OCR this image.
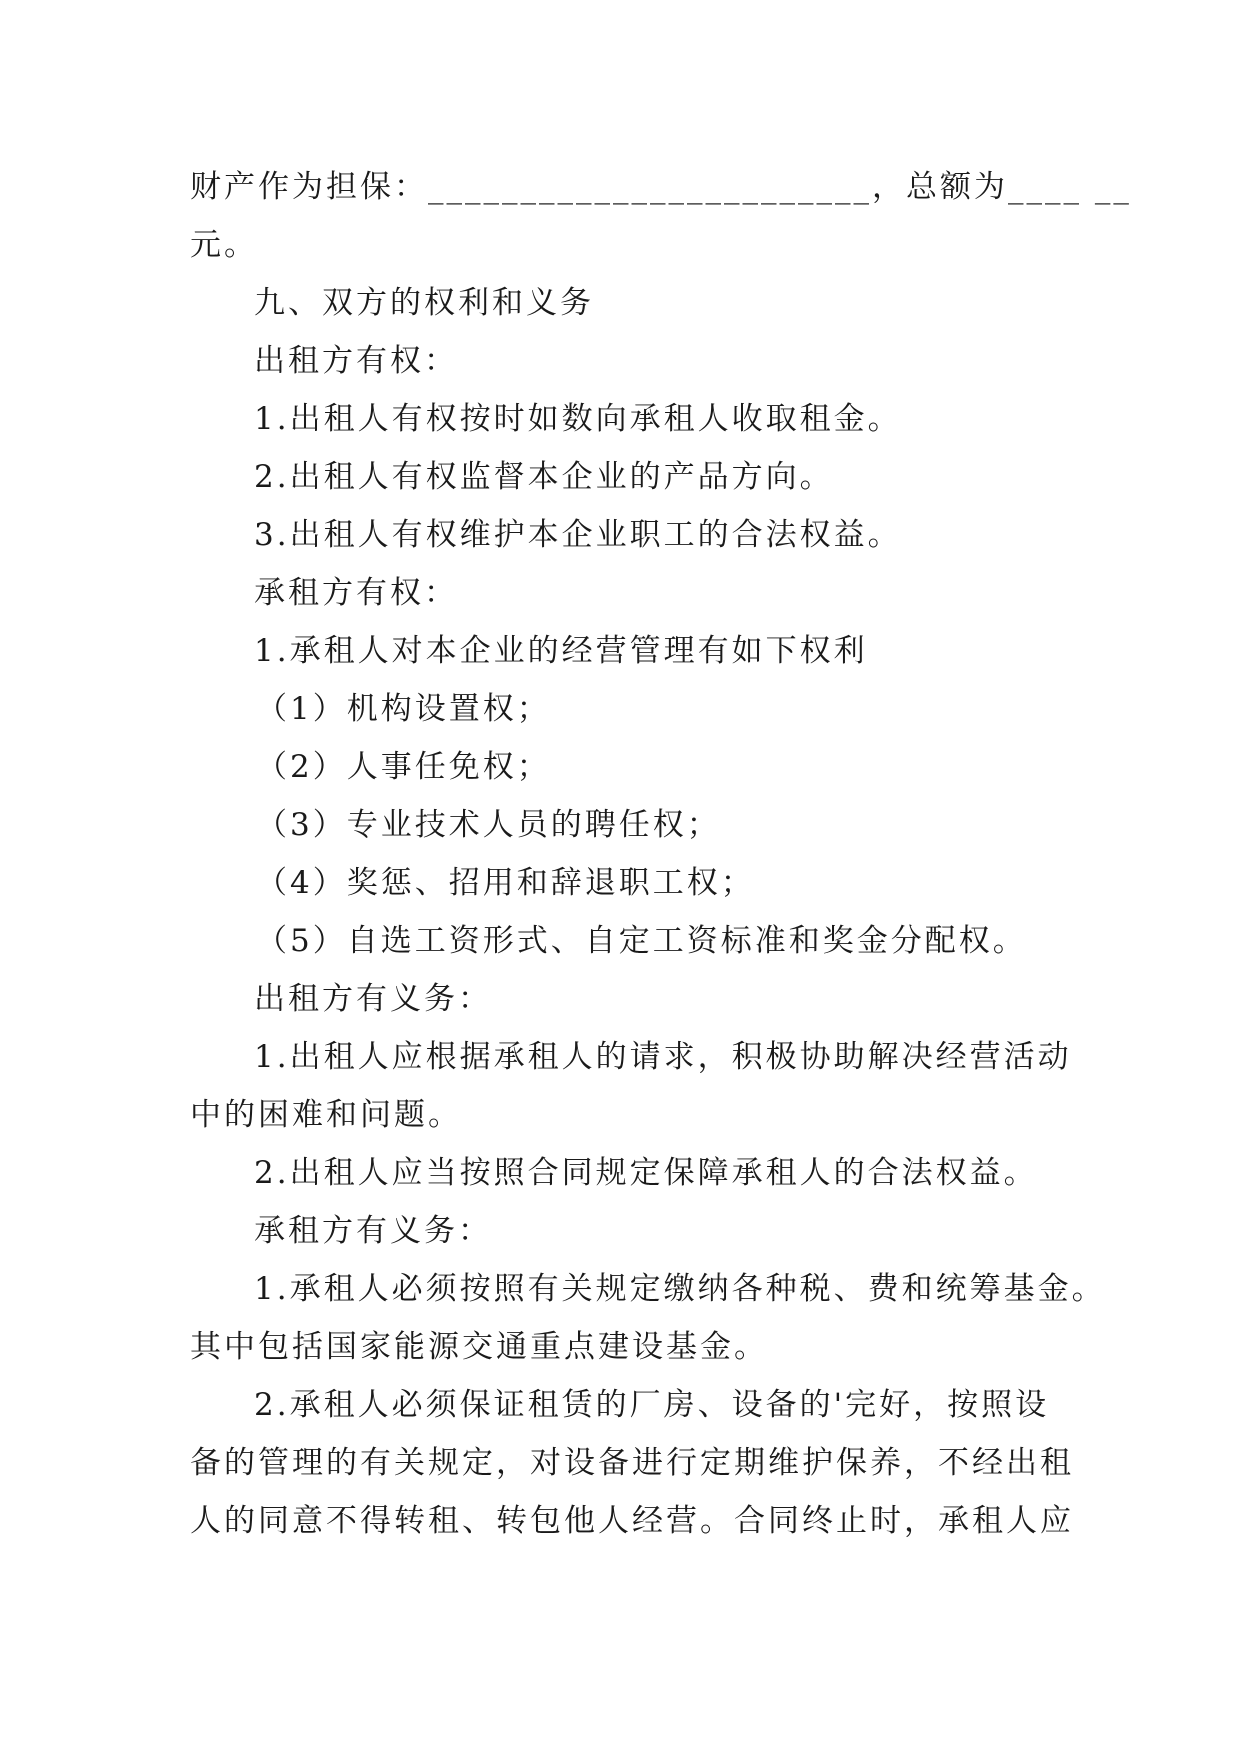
财产作为担保：________________________，总额为____ __
元。
九、双方的权利和义务
出租方有权：
1.出租人有权按时如数向承租人收取租金。
2.出租人有权监督本企业的产品方向。
3.出租人有权维护本企业职工的合法权益。
承租方有权：
1.承租人对本企业的经营管理有如下权利
（1）机构设置权；
（2）人事任免权；
（3）专业技术人员的聘任权；
（4）奖惩、招用和辞退职工权；
（5）自选工资形式、自定工资标准和奖金分配权。
出租方有义务：
1.出租人应根据承租人的请求，积极协助解决经营活动
中的困难和问题。
2.出租人应当按照合同规定保障承租人的合法权益。
承租方有义务：
1.承租人必须按照有关规定缴纳各种税、费和统筹基金。
其中包括国家能源交通重点建设基金。
2.承租人必须保证租赁的厂房、设备的'完好，按照设
备的管理的有关规定，对设备进行定期维护保养，不经出租
人的同意不得转租、转包他人经营。合同终止时，承租人应
